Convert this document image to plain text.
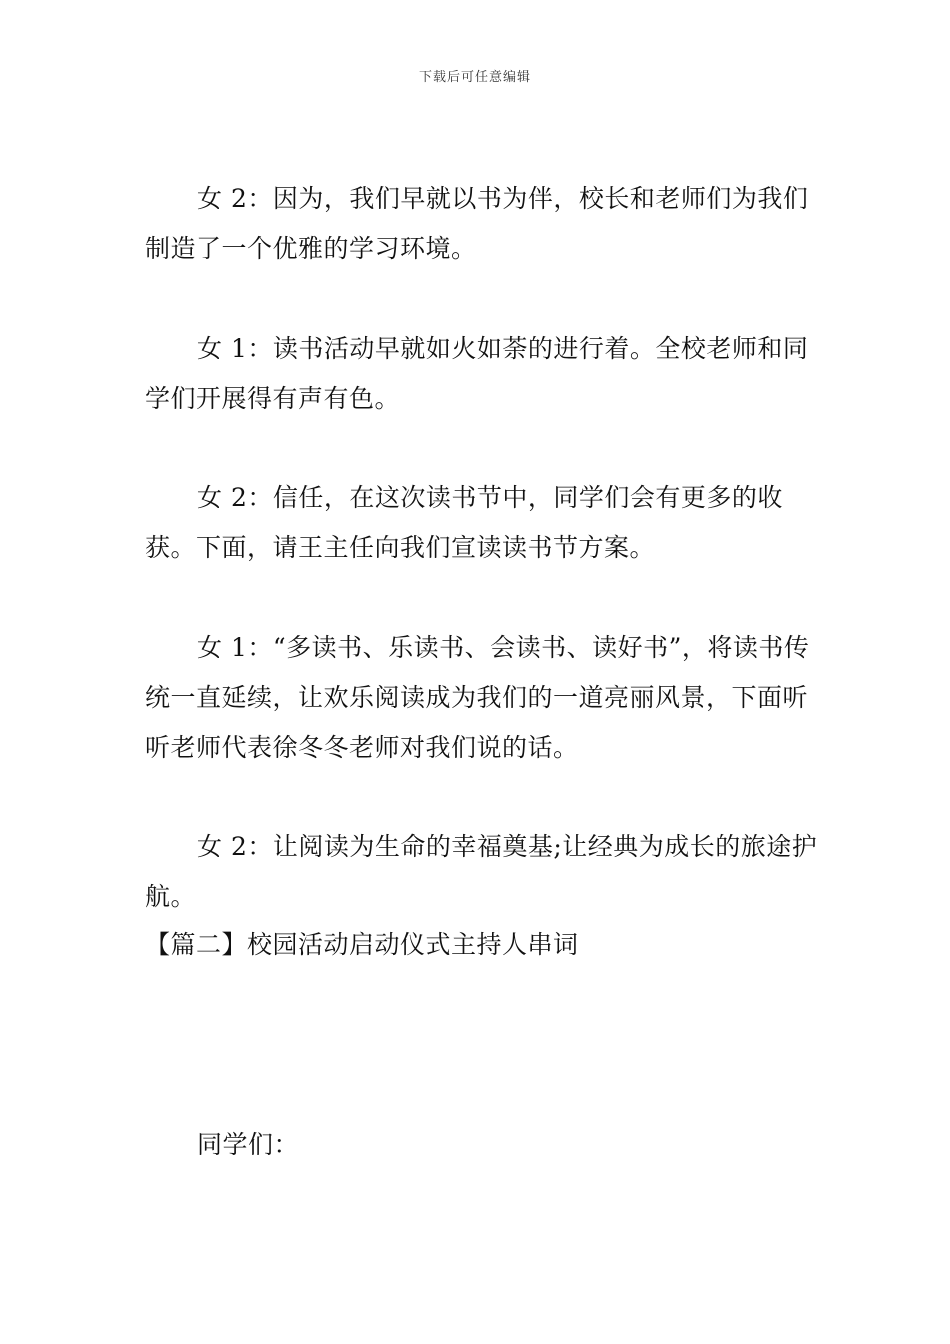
下载后可任意编辑

女 2：因为，我们早就以书为伴，校长和老师们为我们制造了一个优雅的学习环境。

女 1：读书活动早就如火如荼的进行着。全校老师和同学们开展得有声有色。

女 2：信任，在这次读书节中，同学们会有更多的收获。下面，请王主任向我们宣读读书节方案。

女 1：“多读书、乐读书、会读书、读好书”，将读书传统一直延续，让欢乐阅读成为我们的一道亮丽风景，下面听听老师代表徐冬冬老师对我们说的话。

女 2：让阅读为生命的幸福奠基;让经典为成长的旅途护航。

【篇二】校园活动启动仪式主持人串词

同学们：
